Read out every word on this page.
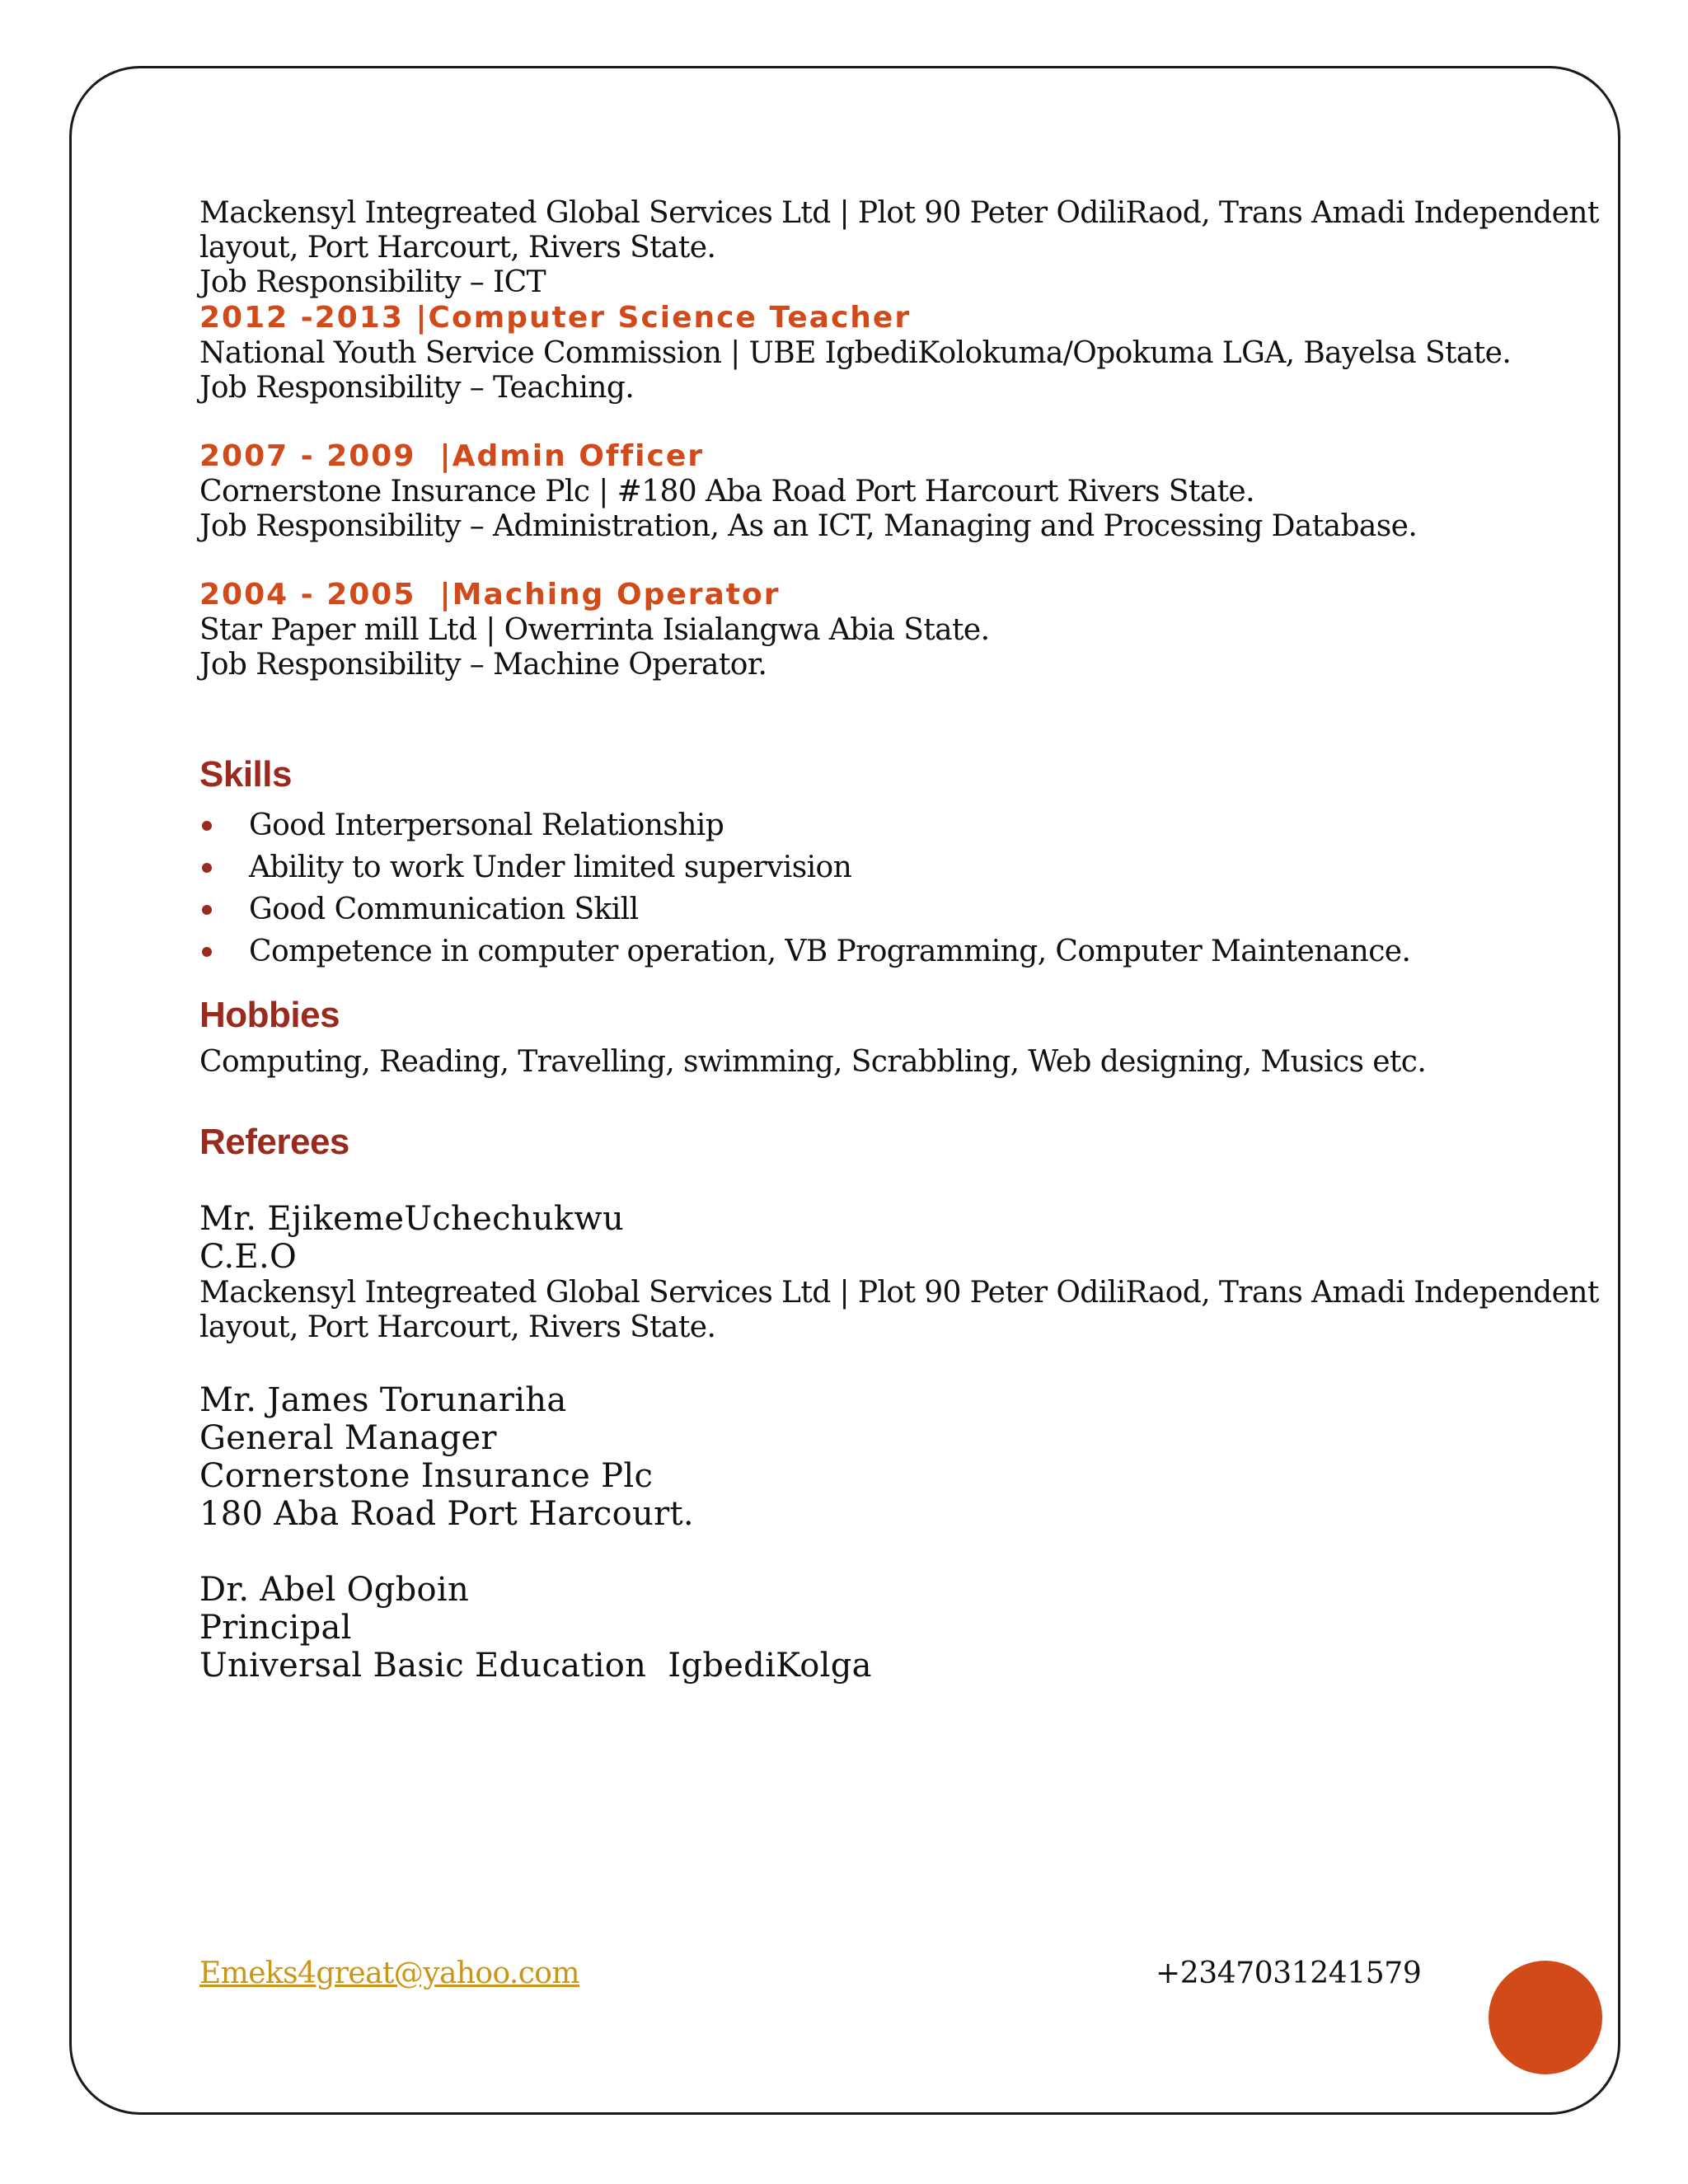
Mackensyl Integreated Global Services Ltd | Plot 90 Peter OdiliRaod, Trans Amadi Independent
layout, Port Harcourt, Rivers State.
Job Responsibility – ICT
2012 -2013 |Computer Science Teacher
National Youth Service Commission | UBE IgbediKolokuma/Opokuma LGA, Bayelsa State.
Job Responsibility – Teaching.
2007 - 2009  |Admin Officer
Cornerstone Insurance Plc | #180 Aba Road Port Harcourt Rivers State.
Job Responsibility – Administration, As an ICT, Managing and Processing Database.
2004 - 2005  |Maching Operator
Star Paper mill Ltd | Owerrinta Isialangwa Abia State.
Job Responsibility – Machine Operator.
Skills
Good Interpersonal Relationship
Ability to work Under limited supervision
Good Communication Skill
Competence in computer operation, VB Programming, Computer Maintenance.
Hobbies
Computing, Reading, Travelling, swimming, Scrabbling, Web designing, Musics etc.
Referees
Mr. EjikemeUchechukwu
C.E.O
Mackensyl Integreated Global Services Ltd | Plot 90 Peter OdiliRaod, Trans Amadi Independent
layout, Port Harcourt, Rivers State.
Mr. James Torunariha
General Manager
Cornerstone Insurance Plc
180 Aba Road Port Harcourt.
Dr. Abel Ogboin
Principal
Universal Basic Education  IgbediKolga
Emeks4great@yahoo.com	+2347031241579
